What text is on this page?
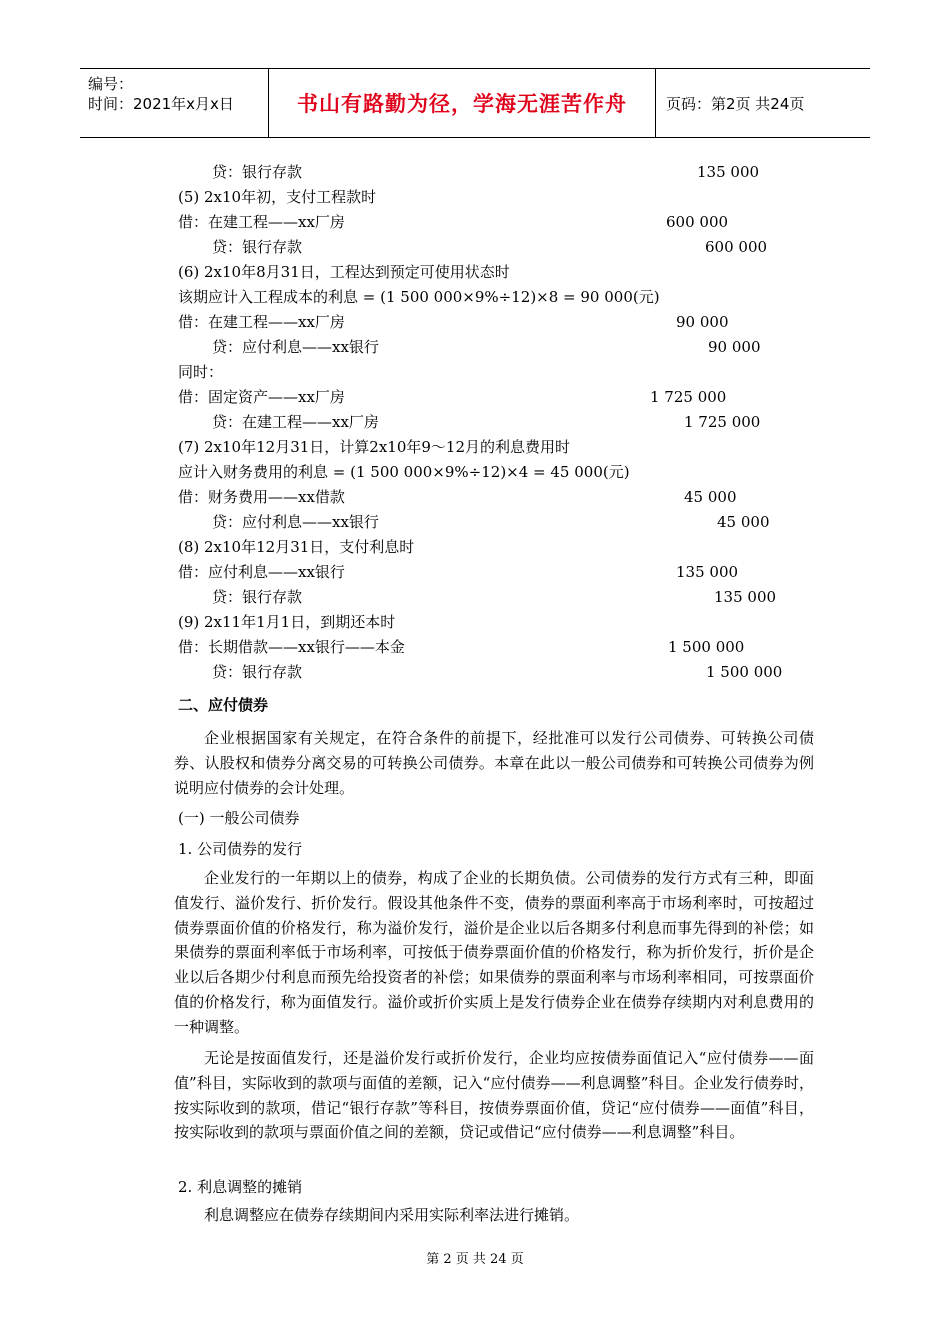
编号：
时间：2021年x月x日	书山有路勤为径，学海无涯苦作舟	页码：第2页 共24页
贷：银行存款	135 000
(5) 2x10年初，支付工程款时
借：在建工程——xx厂房	600 000
贷：银行存款	600 000
(6) 2x10年8月31日，工程达到预定可使用状态时
该期应计入工程成本的利息 = (1 500 000×9%÷12)×8 = 90 000(元)
借：在建工程——xx厂房	90 000
贷：应付利息——xx银行	90 000
同时：
借：固定资产——xx厂房	1 725 000
贷：在建工程——xx厂房	1 725 000
(7) 2x10年12月31日，计算2x10年9～12月的利息费用时
应计入财务费用的利息 = (1 500 000×9%÷12)×4 = 45 000(元)
借：财务费用——xx借款	45 000
贷：应付利息——xx银行	45 000
(8) 2x10年12月31日，支付利息时
借：应付利息——xx银行	135 000
贷：银行存款	135 000
(9) 2x11年1月1日，到期还本时
借：长期借款——xx银行——本金	1 500 000
贷：银行存款	1 500 000
二、应付债券
企业根据国家有关规定，在符合条件的前提下，经批准可以发行公司债券、可转换公司债券、认股权和债券分离交易的可转换公司债券。本章在此以一般公司债券和可转换公司债券为例说明应付债券的会计处理。
(一) 一般公司债券
1. 公司债券的发行
企业发行的一年期以上的债券，构成了企业的长期负债。公司债券的发行方式有三种，即面值发行、溢价发行、折价发行。假设其他条件不变，债券的票面利率高于市场利率时，可按超过债券票面价值的价格发行，称为溢价发行，溢价是企业以后各期多付利息而事先得到的补偿；如果债券的票面利率低于市场利率，可按低于债券票面价值的价格发行，称为折价发行，折价是企业以后各期少付利息而预先给投资者的补偿；如果债券的票面利率与市场利率相同，可按票面价值的价格发行，称为面值发行。溢价或折价实质上是发行债券企业在债券存续期内对利息费用的一种调整。
无论是按面值发行，还是溢价发行或折价发行，企业均应按债券面值记入“应付债券——面值”科目，实际收到的款项与面值的差额，记入“应付债券——利息调整”科目。企业发行债券时，按实际收到的款项，借记“银行存款”等科目，按债券票面价值，贷记“应付债券——面值”科目，按实际收到的款项与票面价值之间的差额，贷记或借记“应付债券——利息调整”科目。
2. 利息调整的摊销
利息调整应在债券存续期间内采用实际利率法进行摊销。
第 2 页 共 24 页
